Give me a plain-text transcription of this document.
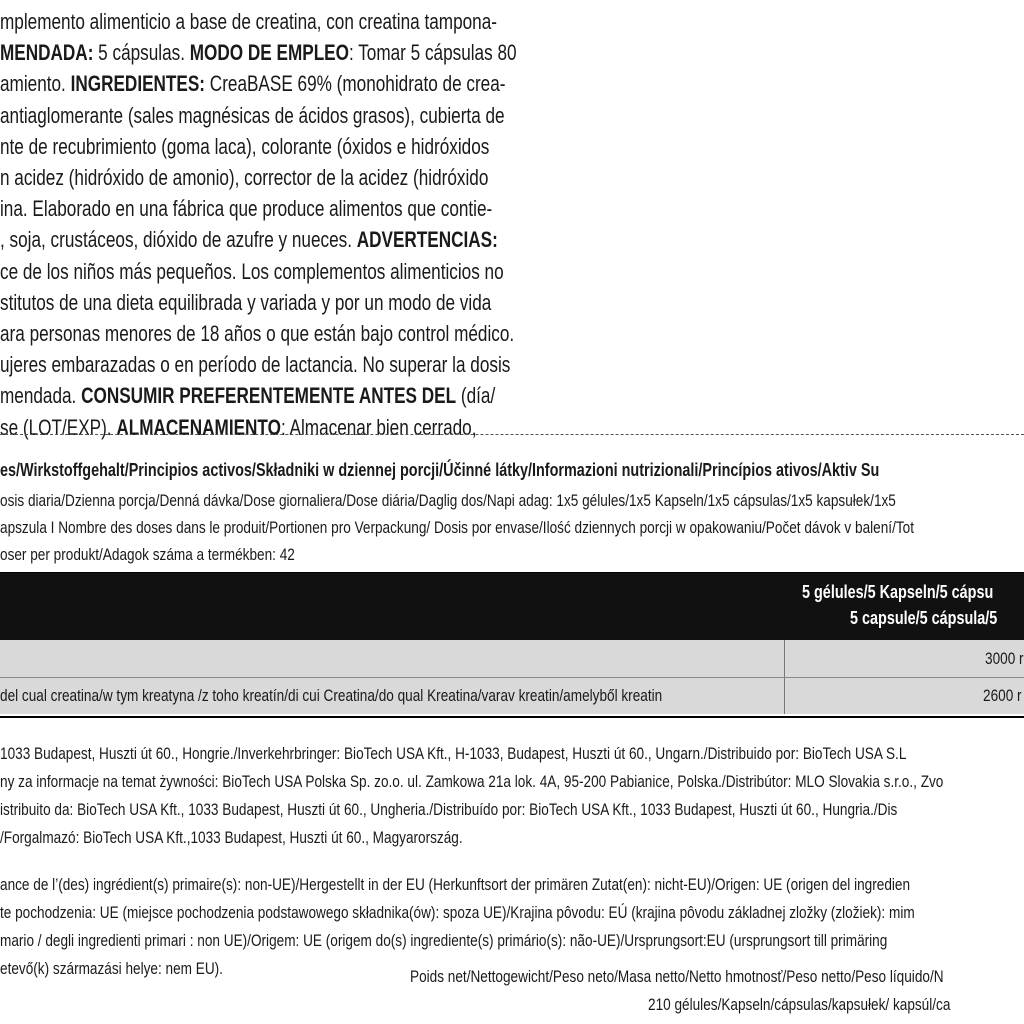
mplemento alimenticio a base de creatina, con creatina tampona-
MENDADA: 5 cápsulas. MODO DE EMPLEO: Tomar 5 cápsulas 80
amiento. INGREDIENTES: CreaBASE 69% (monohidrato de crea-
antiaglomerante (sales magnésicas de ácidos grasos), cubierta de
nte de recubrimiento (goma laca), colorante (óxidos e hidróxidos
n acidez (hidróxido de amonio), corrector de la acidez (hidróxido
ina. Elaborado en una fábrica que produce alimentos que contie-
, soja, crustáceos, dióxido de azufre y nueces. ADVERTENCIAS:
ce de los niños más pequeños. Los complementos alimenticios no
stitutos de una dieta equilibrada y variada y por un modo de vida
ara personas menores de 18 años o que están bajo control médico.
ujeres embarazadas o en período de lactancia. No superar la dosis
mendada. CONSUMIR PREFERENTEMENTE ANTES DEL (día/
se (LOT/EXP). ALMACENAMIENTO: Almacenar bien cerrado,
es/Wirkstoffgehalt/Principios activos/Składniki w dziennej porcji/Účinné látky/Informazioni nutrizionali/Princípios ativos/Aktiv Su
osis diaria/Dzienna porcja/Denná dávka/Dose giornaliera/Dose diária/Daglig dos/Napi adag: 1x5 gélules/1x5 Kapseln/1x5 cápsulas/1x5 kapsułek/1x5
apszula I Nombre des doses dans le produit/Portionen pro Verpackung/ Dosis por envase/Ilość dziennych porcji w opakowaniu/Počet dávok v balení/Tot
oser per produkt/Adagok száma a termékben: 42
5 gélules/5 Kapseln/5 cápsu
5 capsule/5 cápsula/5
3000 r
del cual creatina/w tym kreatyna /z toho kreatín/di cui Creatina/do qual Kreatina/varav kreatin/amelyből kreatin	2600 r
1033 Budapest, Huszti út 60., Hongrie./Inverkehrbringer: BioTech USA Kft., H-1033, Budapest, Huszti út 60., Ungarn./Distribuido por: BioTech USA S.L
ny za informacje na temat żywności: BioTech USA Polska Sp. zo.o. ul. Zamkowa 21a lok. 4A, 95-200 Pabianice, Polska./Distribútor: MLO Slovakia s.r.o., Zvo
istribuito da: BioTech USA Kft., 1033 Budapest, Huszti út 60., Ungheria./Distribuído por: BioTech USA Kft., 1033 Budapest, Huszti út 60., Hungria./Dis
/Forgalmazó: BioTech USA Kft.,1033 Budapest, Huszti út 60., Magyarország.
ance de l’(des) ingrédient(s) primaire(s): non-UE)/Hergestellt in der EU (Herkunftsort der primären Zutat(en): nicht-EU)/Origen: UE (origen del ingredien
te pochodzenia: UE (miejsce pochodzenia podstawowego składnika(ów): spoza UE)/Krajina pôvodu: EÚ (krajina pôvodu základnej zložky (zložiek): mim
mario / degli ingredienti primari : non UE)/Origem: UE (origem do(s) ingrediente(s) primário(s): não-UE)/Ursprungsort:EU (ursprungsort till primäring
etevő(k) származási helye: nem EU).	Poids net/Nettogewicht/Peso neto/Masa netto/Netto hmotnosť/Peso netto/Peso líquido/N
210 gélules/Kapseln/cápsulas/kapsułek/ kapsúl/ca
